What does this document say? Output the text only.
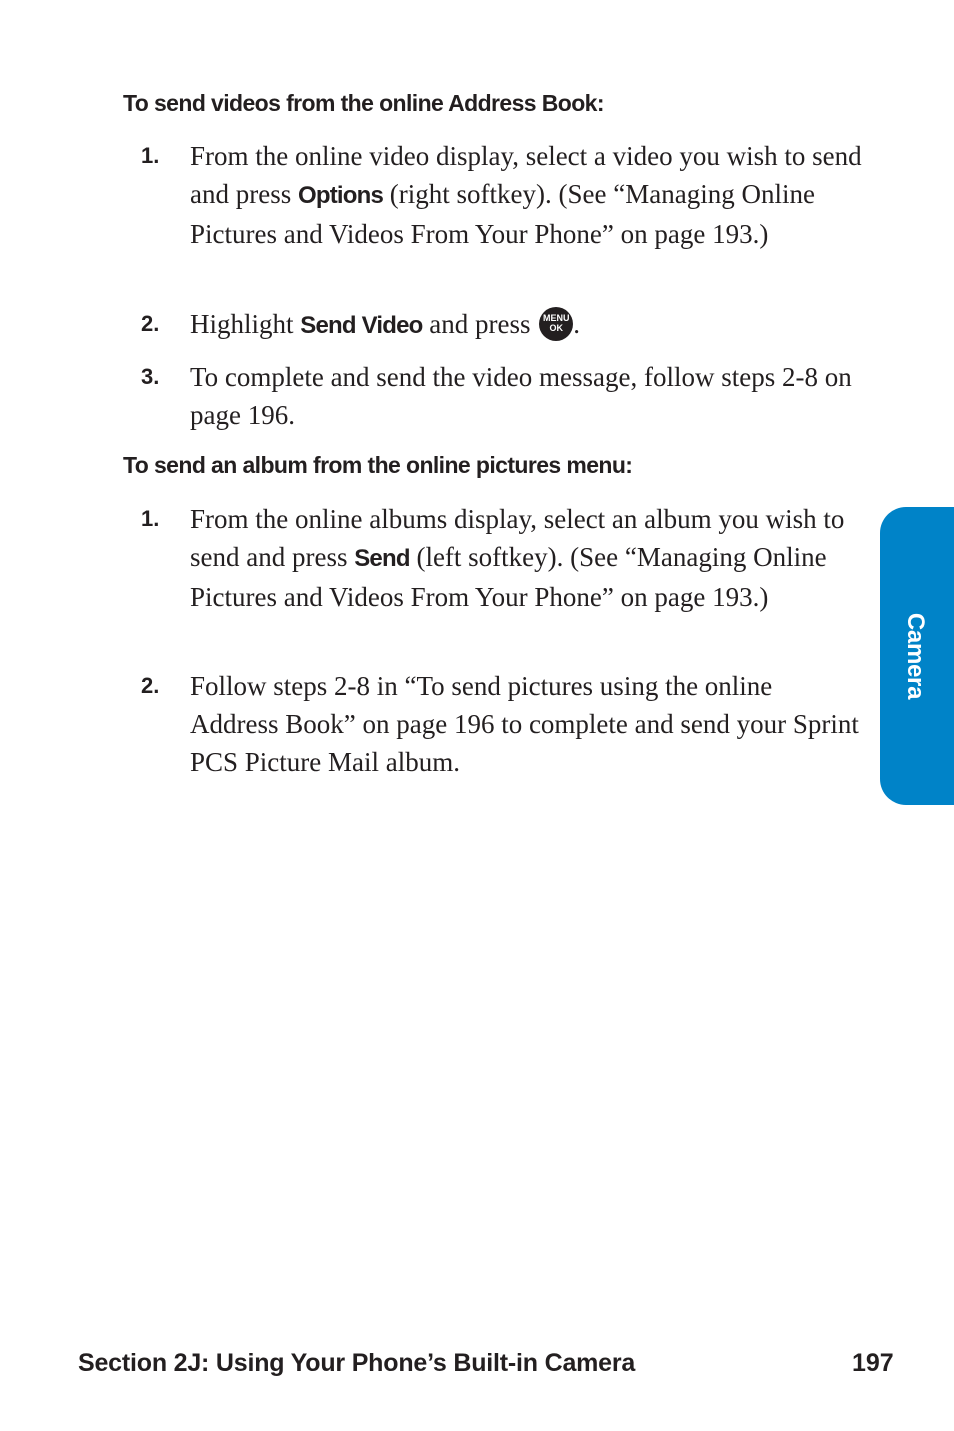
To send videos from the online Address Book:
1. From the online video display, select a video you wish to send and press Options (right softkey). (See “Managing Online Pictures and Videos From Your Phone” on page 193.)
2. Highlight Send Video and press MENU
OK .
3. To complete and send the video message, follow steps 2-8 on page 196.
To send an album from the online pictures menu:
1. From the online albums display, select an album you wish to send and press Send (left softkey). (See “Managing Online Pictures and Videos From Your Phone” on page 193.)
2. Follow steps 2-8 in “To send pictures using the online Address Book” on page 196 to complete and send your Sprint PCS Picture Mail album.
Camera
Section 2J: Using Your Phone’s Built-in Camera	197
